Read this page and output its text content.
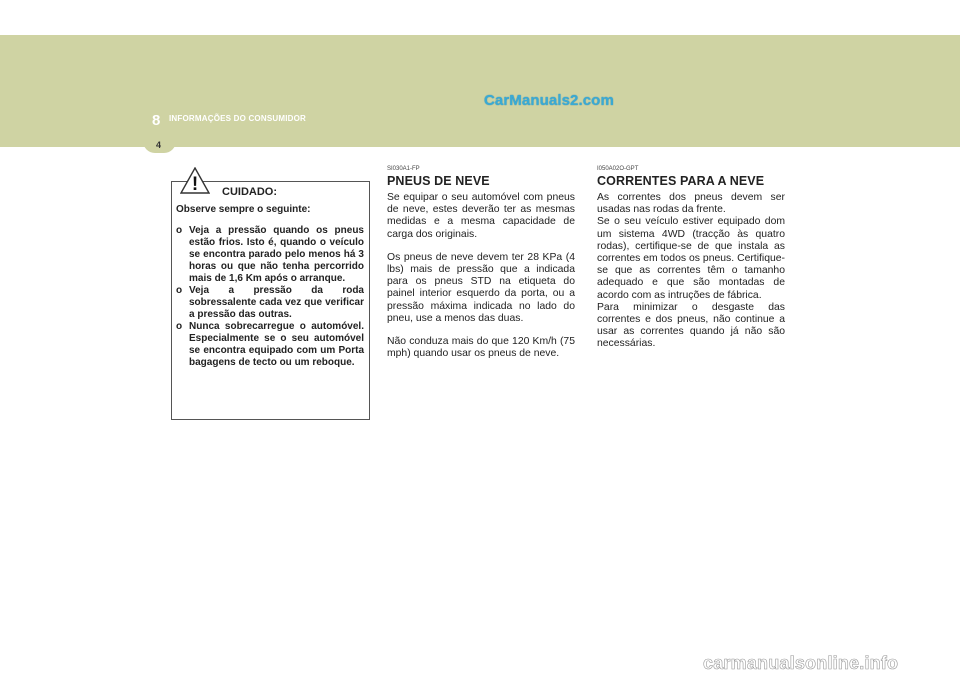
8 INFORMAÇÕES DO CONSUMIDOR
4
CarManuals2.com
! CUIDADO:
Observe sempre o seguinte:
o Veja a pressão quando os pneus estão frios. Isto é, quando o veículo se encontra parado pelo menos há 3 horas ou que não tenha percorrido mais de 1,6 Km após o arranque.
o Veja a pressão da roda sobressalente cada vez que verificar a pressão das outras.
o Nunca sobrecarregue o automóvel. Especialmente se o seu automóvel se encontra equipado com um Porta bagagens de tecto ou um reboque.
SI030A1-FP
PNEUS DE NEVE

Se equipar o seu automóvel com pneus de neve, estes deverão ter as mesmas medidas e a mesma capacidade de carga dos originais.

Os pneus de neve devem ter 28 KPa (4 lbs) mais de pressão que a indicada para os pneus STD na etiqueta do painel interior esquerdo da porta, ou a pressão máxima indicada no lado do pneu, use a menos das duas.

Não conduza mais do que 120 Km/h (75 mph) quando usar os pneus de neve.

I050A02O-GPT
CORRENTES PARA A NEVE

As correntes dos pneus devem ser usadas nas rodas da frente.

Se o seu veículo estiver equipado dom um sistema 4WD (tracção às quatro rodas), certifique-se de que instala as correntes em todos os pneus. Certifique-se que as correntes têm o tamanho adequado e que são montadas de acordo com as intruções de fábrica.

Para minimizar o desgaste das correntes e dos pneus, não continue a usar as correntes quando já não são necessárias.

carmanualsonline.info
